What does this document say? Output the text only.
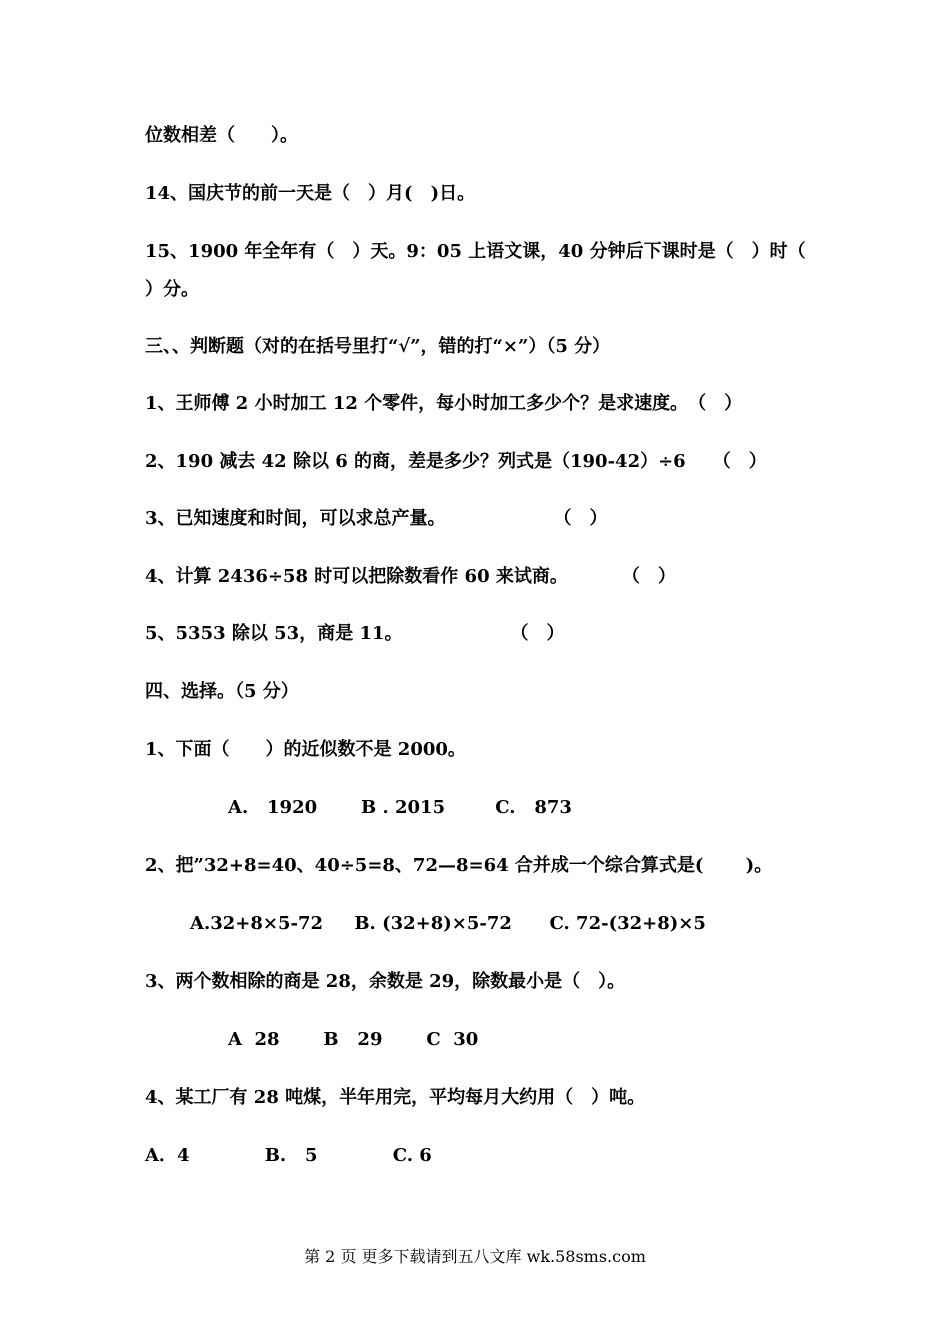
位数相差（　　）。
14、国庆节的前一天是（　）月(　)日。
15、1900 年全年有（　）天。9：05 上语文课，40 分钟后下课时是（　）时（
）分。
三、、判断题（对的在括号里打“√”，错的打“×”）（5 分）
1、王师傅 2 小时加工 12 个零件，每小时加工多少个？是求速度。　（　）
2、190 减去 42 除以 6 的商，差是多少？列式是（190-42）÷6　　（　）
3、已知速度和时间，可以求总产量。　　　　　　　（　）
4、计算 2436÷58 时可以把除数看作 60 来试商。　　　　（　）
5、5353 除以 53，商是 11。　　　　　　　（　）
四、选择。（5 分）
1、下面（　　）的近似数不是 2000。
A.   1920       B . 2015        C.   873
2、把”32+8=40、40÷5=8、72—8=64 合并成一个综合算式是(　　 )。
A.32+8×5-72     B. (32+8)×5-72      C. 72-(32+8)×5
3、两个数相除的商是 28，余数是 29，除数最小是（　）。
A  28       B   29       C  30
4、某工厂有 28 吨煤，半年用完，平均每月大约用（　）吨。
A．4            B.   5            C. 6
第 2 页 更多下载请到五八文库 wk.58sms.com
